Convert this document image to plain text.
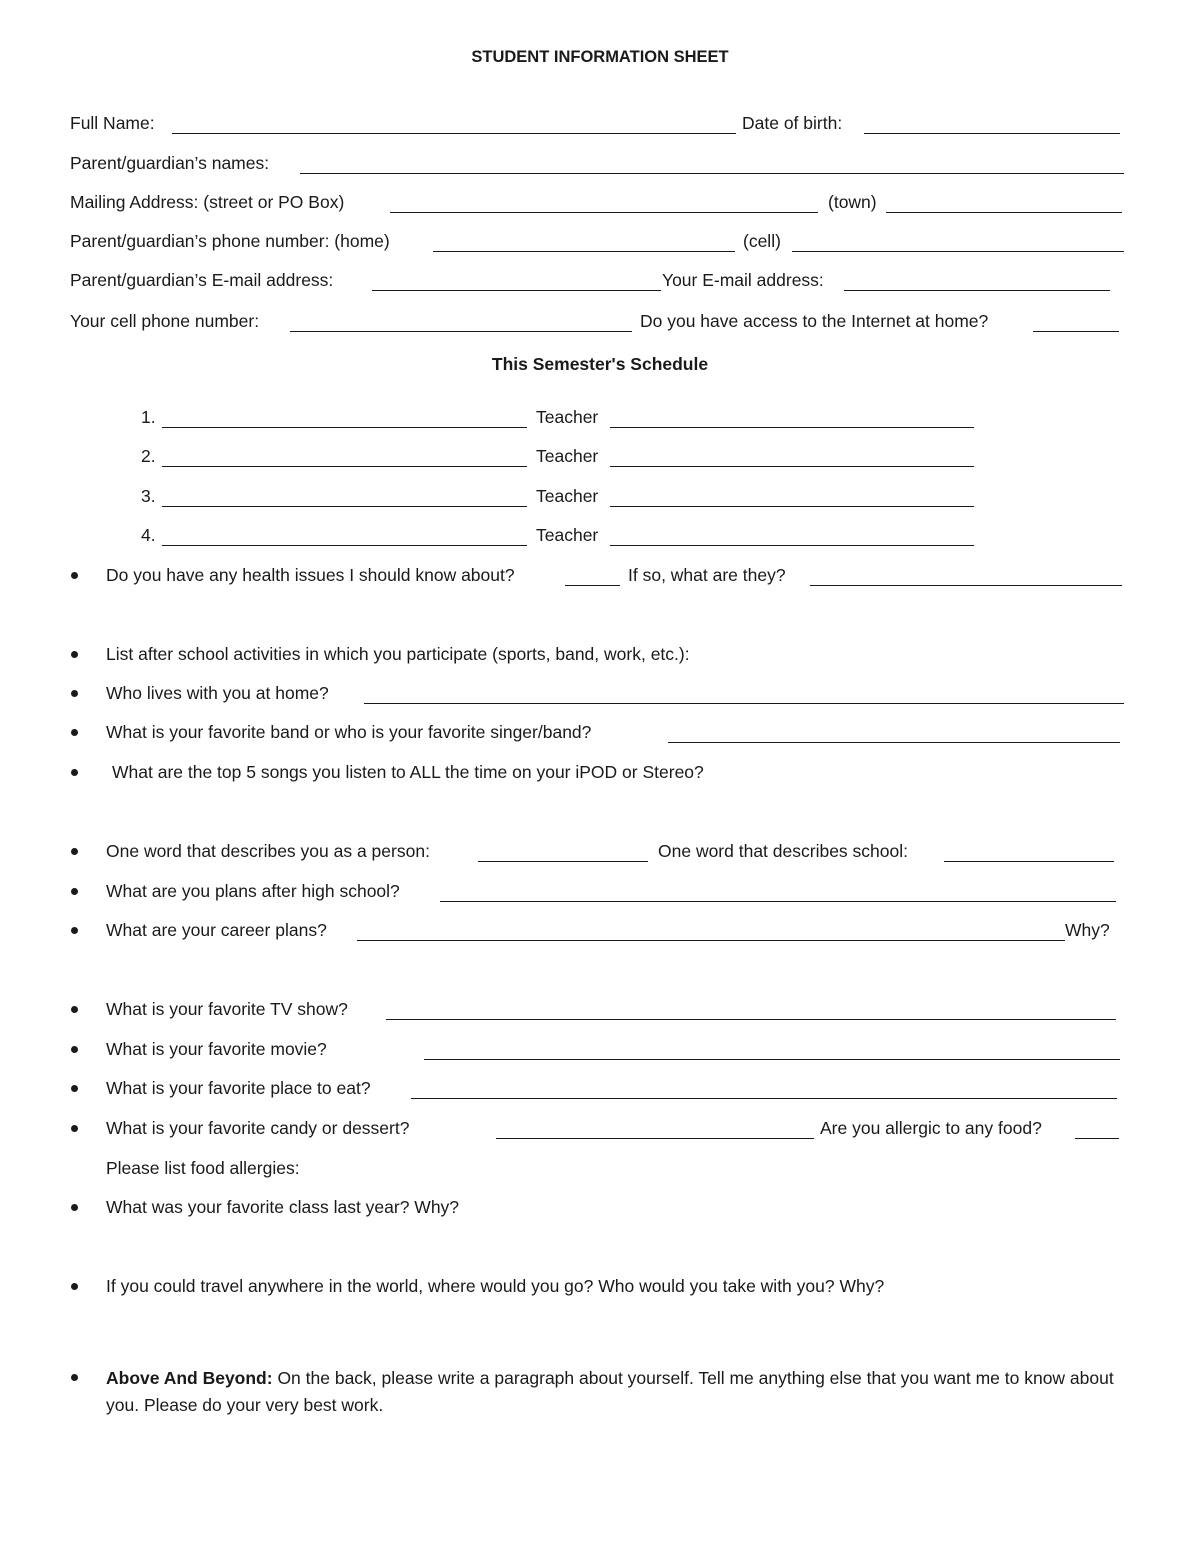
STUDENT INFORMATION SHEET
Full Name:	Date of birth:
Parent/guardian’s names:
Mailing Address: (street or PO Box)	(town)
Parent/guardian’s phone number: (home)	(cell)
Parent/guardian’s E-mail address:	Your E-mail address:
Your cell phone number:	Do you have access to the Internet at home?
This Semester's Schedule
1.	Teacher
2.	Teacher
3.	Teacher
4.	Teacher
Do you have any health issues I should know about?	If so, what are they?
List after school activities in which you participate (sports, band, work, etc.):
Who lives with you at home?
What is your favorite band or who is your favorite singer/band?
What are the top 5 songs you listen to ALL the time on your iPOD or Stereo?
One word that describes you as a person:	One word that describes school:
What are you plans after high school?
What are your career plans?	Why?
What is your favorite TV show?
What is your favorite movie?
What is your favorite place to eat?
What is your favorite candy or dessert?	Are you allergic to any food?
Please list food allergies:
What was your favorite class last year? Why?
If you could travel anywhere in the world, where would you go? Who would you take with you? Why?
Above And Beyond: On the back, please write a paragraph about yourself. Tell me anything else that you want me to know about you. Please do your very best work.
